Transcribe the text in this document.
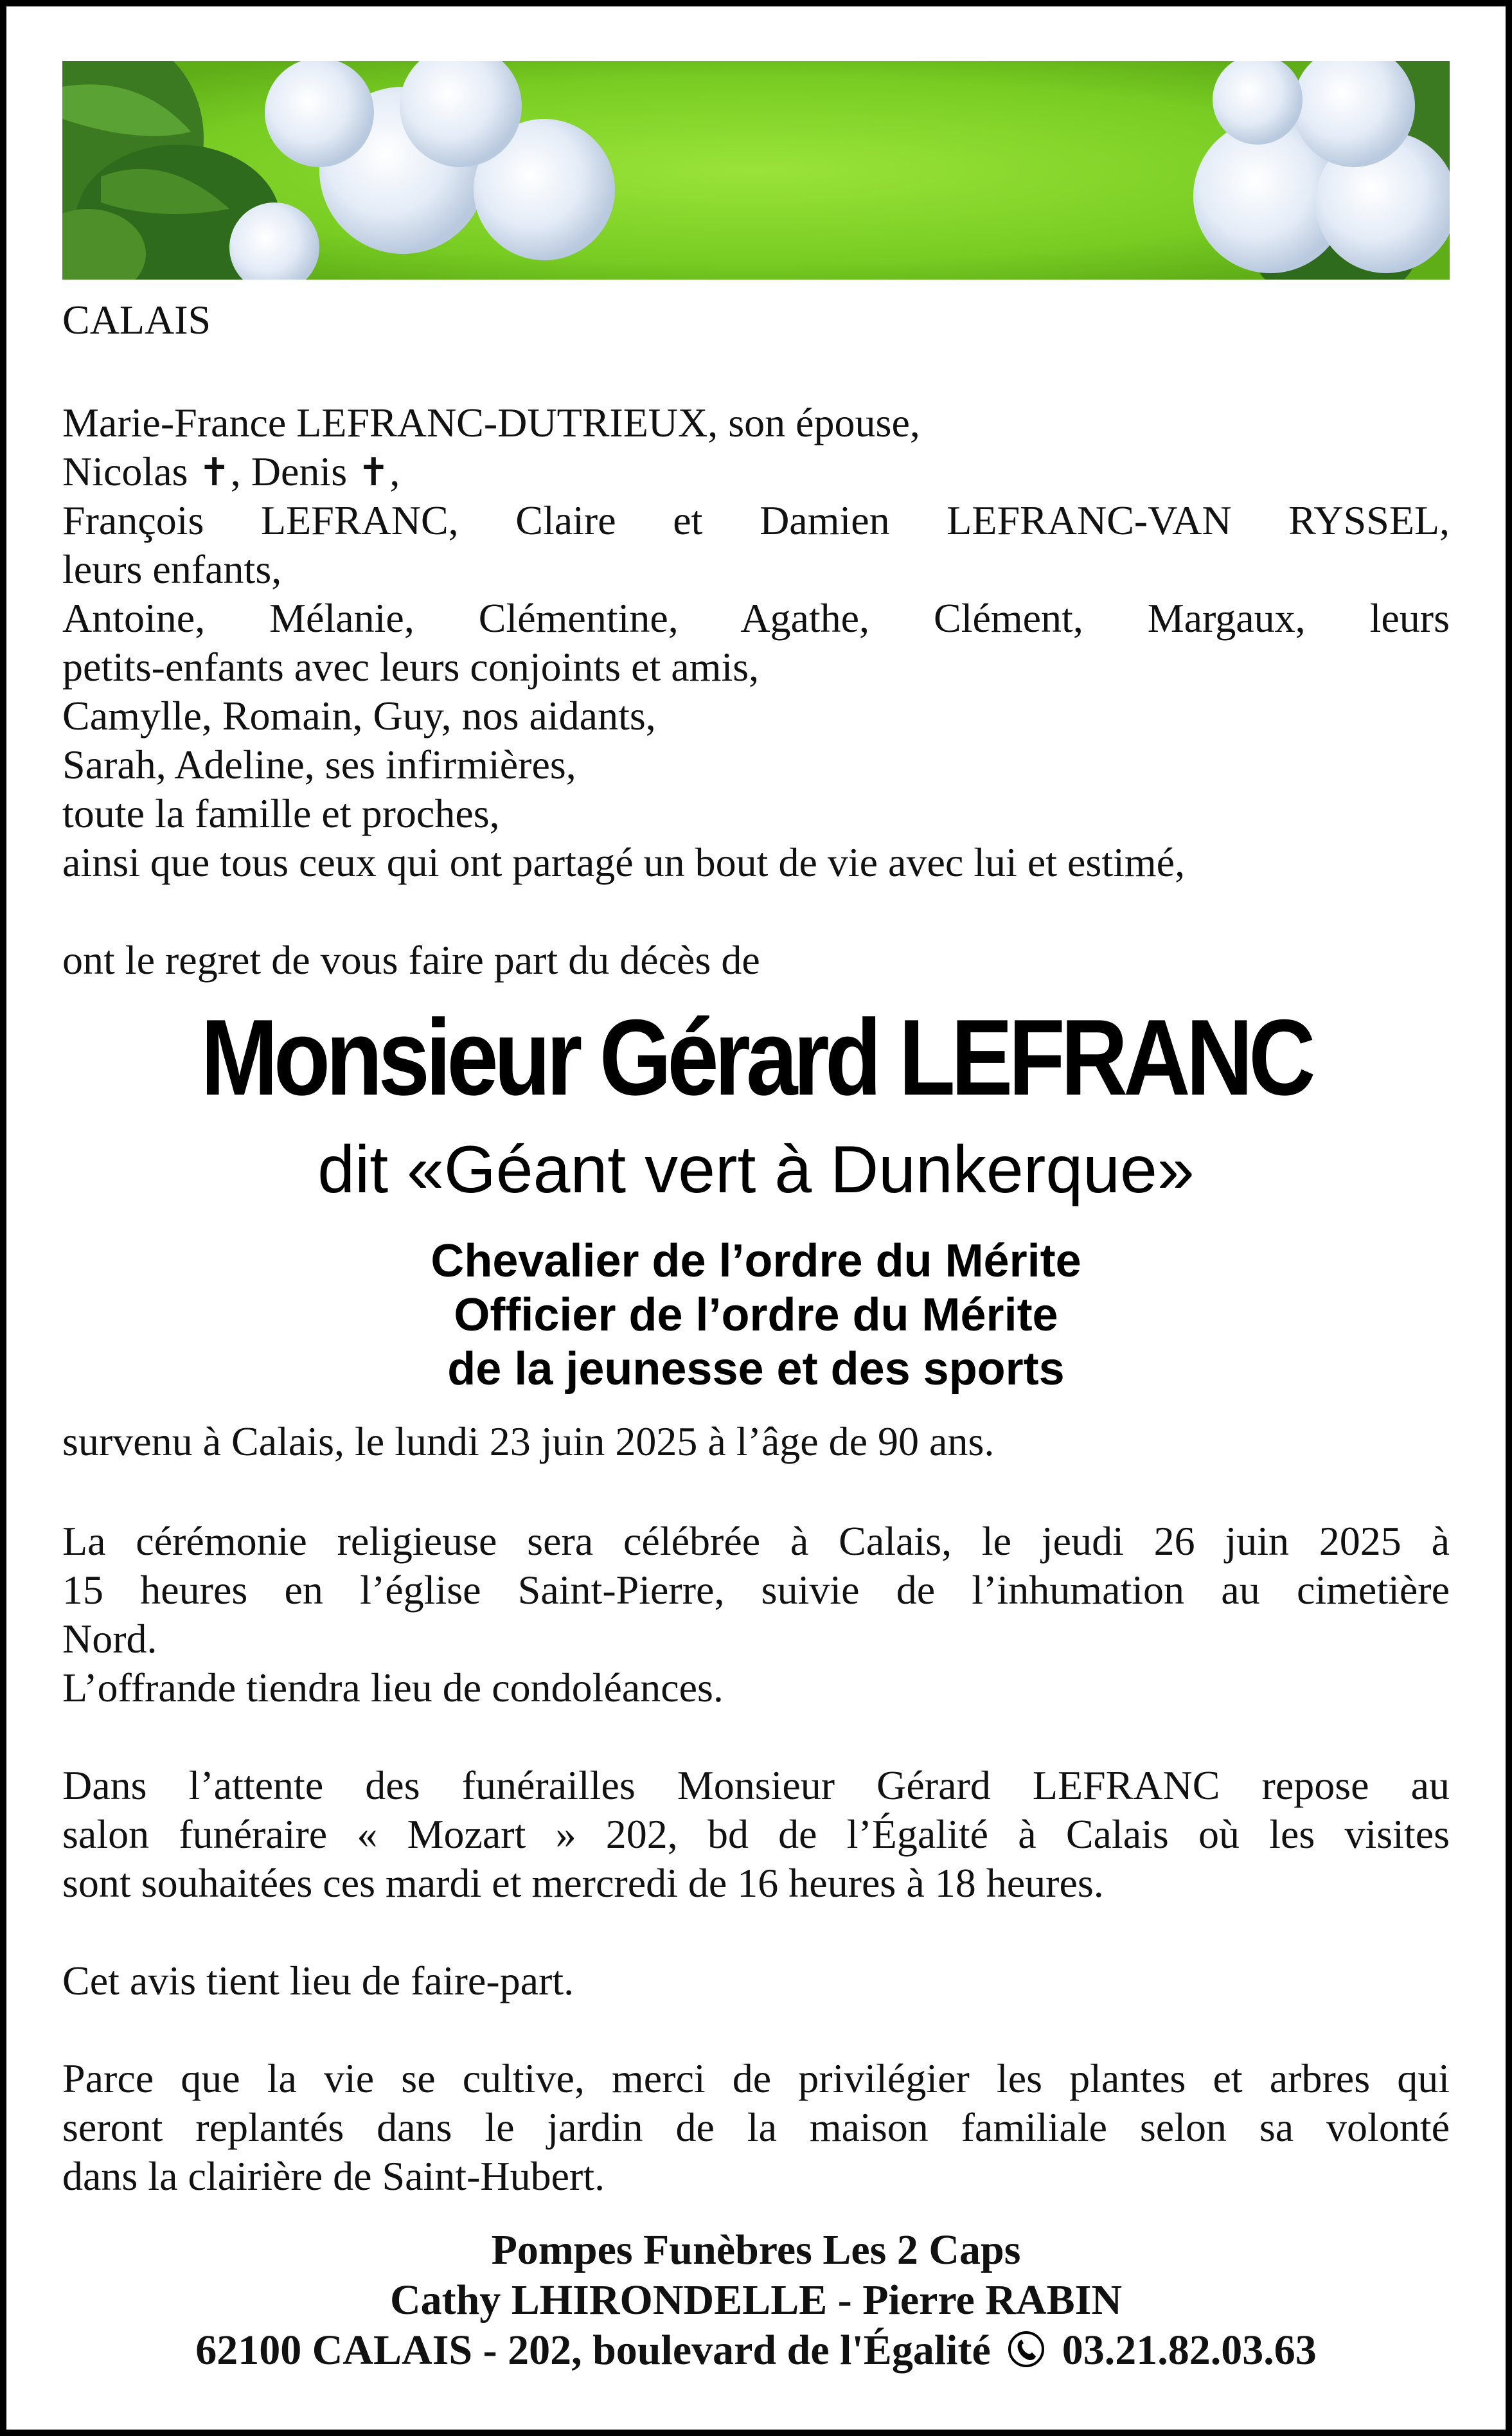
CALAIS
Marie-France LEFRANC-DUTRIEUX, son épouse,
Nicolas ✝, Denis ✝,
François LEFRANC, Claire et Damien LEFRANC-VAN RYSSEL,
leurs enfants,
Antoine, Mélanie, Clémentine, Agathe, Clément, Margaux, leurs
petits-enfants avec leurs conjoints et amis,
Camylle, Romain, Guy, nos aidants,
Sarah, Adeline, ses infirmières,
toute la famille et proches,
ainsi que tous ceux qui ont partagé un bout de vie avec lui et estimé,
ont le regret de vous faire part du décès de
Monsieur Gérard LEFRANC
dit «Géant vert à Dunkerque»
Chevalier de l’ordre du Mérite
Officier de l’ordre du Mérite
de la jeunesse et des sports
survenu à Calais, le lundi 23 juin 2025 à l’âge de 90 ans.
La cérémonie religieuse sera célébrée à Calais, le jeudi 26 juin 2025 à
15 heures en l’église Saint-Pierre, suivie de l’inhumation au cimetière
Nord.
L’offrande tiendra lieu de condoléances.
Dans l’attente des funérailles Monsieur Gérard LEFRANC repose au
salon funéraire « Mozart » 202, bd de l’Égalité à Calais où les visites
sont souhaitées ces mardi et mercredi de 16 heures à 18 heures.
Cet avis tient lieu de faire-part.
Parce que la vie se cultive, merci de privilégier les plantes et arbres qui
seront replantés dans le jardin de la maison familiale selon sa volonté
dans la clairière de Saint-Hubert.
Pompes Funèbres Les 2 Caps
Cathy LHIRONDELLE - Pierre RABIN
62100 CALAIS - 202, boulevard de l'Égalité 03.21.82.03.63
